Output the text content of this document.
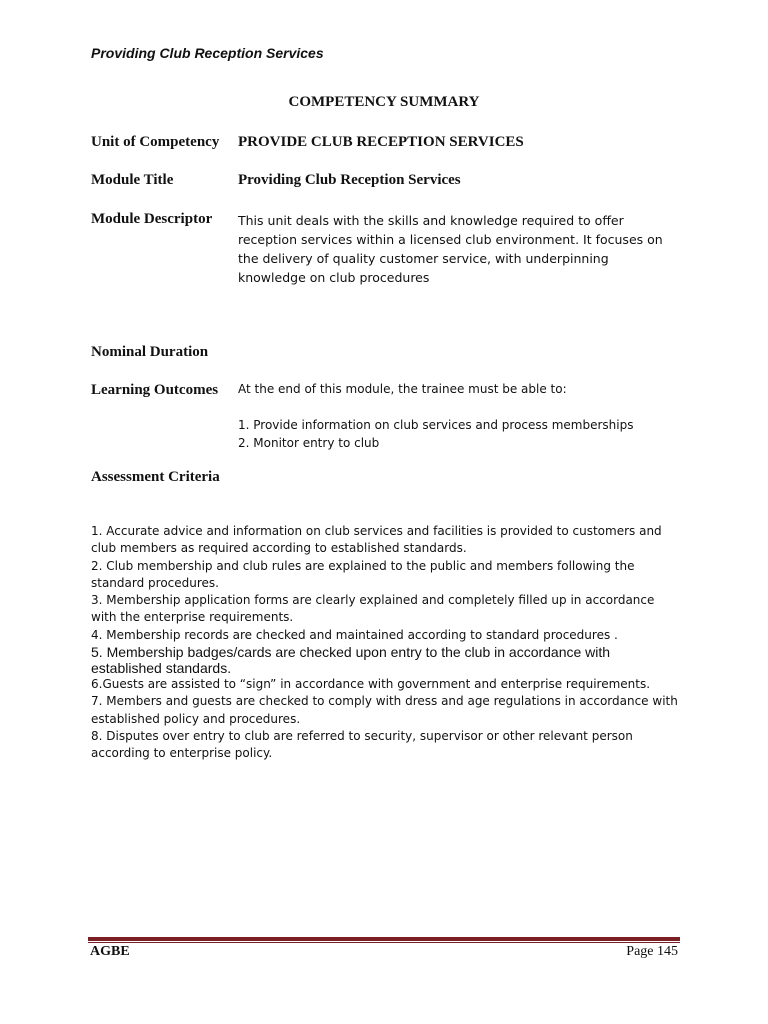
Providing Club Reception Services
COMPETENCY SUMMARY
Unit of Competency PROVIDE CLUB RECEPTION SERVICES
Module Title	Providing Club Reception Services
Module Descriptor This unit deals with the skills and knowledge required to offer
reception services within a licensed club environment. It focuses on
the delivery of quality customer service, with underpinning
knowledge on club procedures
Nominal Duration
Learning Outcomes At the end of this module, the trainee must be able to:
1. Provide information on club services and process memberships
2. Monitor entry to club
Assessment Criteria
1. Accurate advice and information on club services and facilities is provided to customers and club members as required according to established standards.
2. Club membership and club rules are explained to the public and members following the standard procedures.
3. Membership application forms are clearly explained and completely filled up in accordance with the enterprise requirements.
4. Membership records are checked and maintained according to standard procedures .
5. Membership badges/cards are checked upon entry to the club in accordance with established standards.
6.Guests are assisted to “sign” in accordance with government and enterprise requirements.
7. Members and guests are checked to comply with dress and age regulations in accordance with established policy and procedures.
8. Disputes over entry to club are referred to security, supervisor or other relevant person according to enterprise policy.
AGBE	Page 145
